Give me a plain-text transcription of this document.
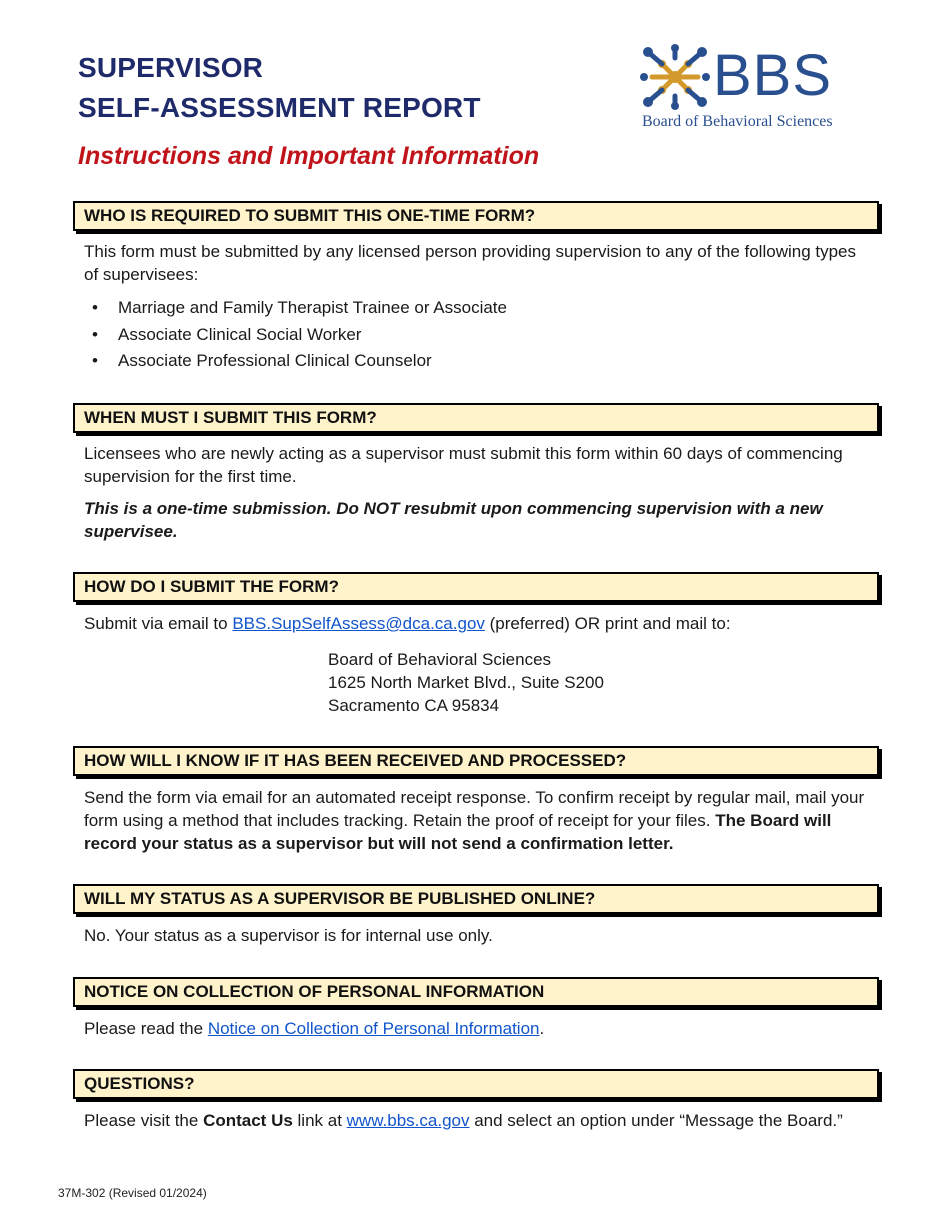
SUPERVISOR
SELF-ASSESSMENT REPORT	BBS
Board of Behavioral Sciences
Instructions and Important Information
WHO IS REQUIRED TO SUBMIT THIS ONE-TIME FORM?
This form must be submitted by any licensed person providing supervision to any of the following types of supervisees:
• Marriage and Family Therapist Trainee or Associate
• Associate Clinical Social Worker
• Associate Professional Clinical Counselor
WHEN MUST I SUBMIT THIS FORM?
Licensees who are newly acting as a supervisor must submit this form within 60 days of commencing supervision for the first time.
This is a one-time submission. Do NOT resubmit upon commencing supervision with a new supervisee.
HOW DO I SUBMIT THE FORM?
Submit via email to BBS.SupSelfAssess@dca.ca.gov (preferred) OR print and mail to:
Board of Behavioral Sciences
1625 North Market Blvd., Suite S200
Sacramento CA 95834
HOW WILL I KNOW IF IT HAS BEEN RECEIVED AND PROCESSED?
Send the form via email for an automated receipt response. To confirm receipt by regular mail, mail your form using a method that includes tracking. Retain the proof of receipt for your files. The Board will record your status as a supervisor but will not send a confirmation letter.
WILL MY STATUS AS A SUPERVISOR BE PUBLISHED ONLINE?
No. Your status as a supervisor is for internal use only.
NOTICE ON COLLECTION OF PERSONAL INFORMATION
Please read the Notice on Collection of Personal Information.
QUESTIONS?
Please visit the Contact Us link at www.bbs.ca.gov and select an option under “Message the Board.”
37M-302 (Revised 01/2024)
